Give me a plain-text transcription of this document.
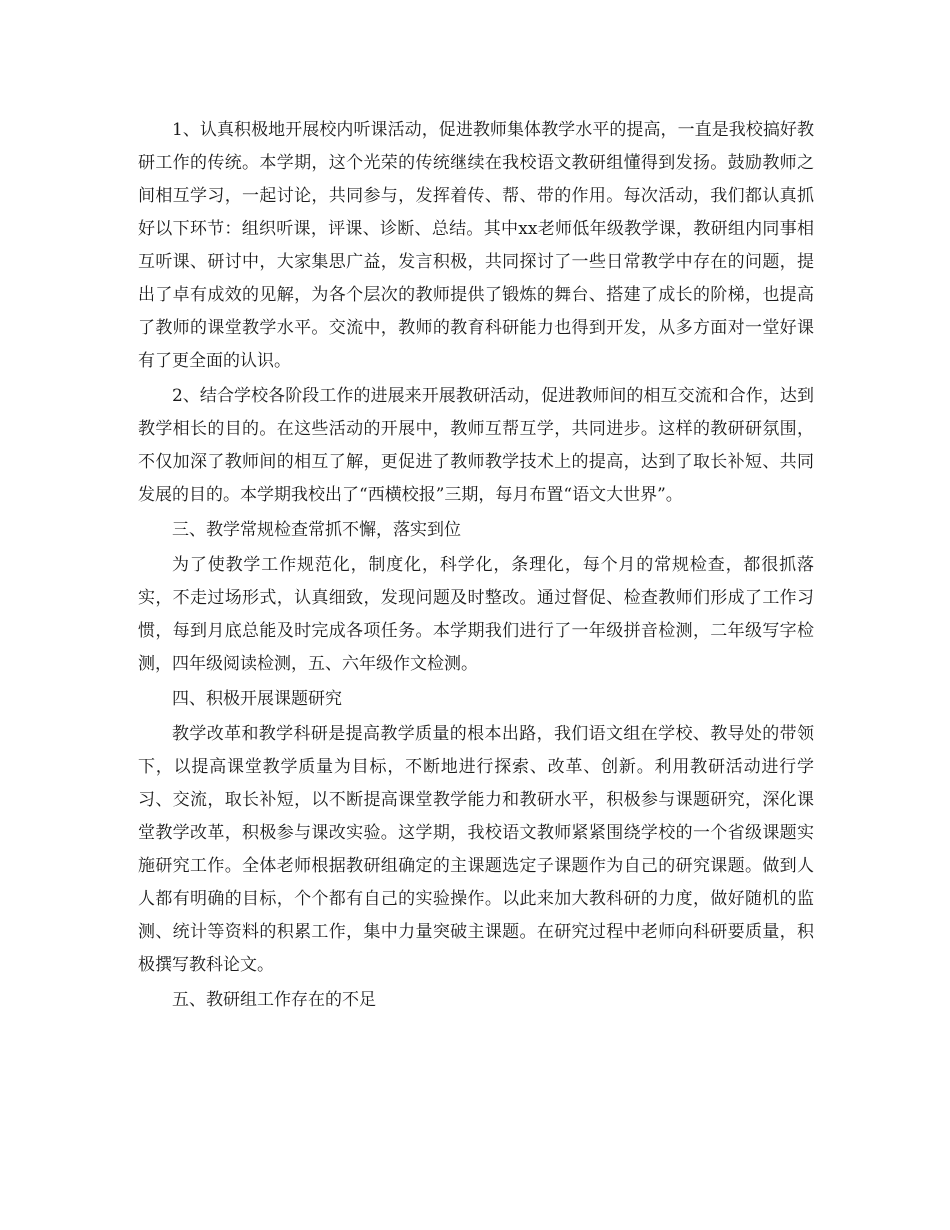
1、认真积极地开展校内听课活动，促进教师集体教学水平的提高，一直是我校搞好教研工作的传统。本学期，这个光荣的传统继续在我校语文教研组懂得到发扬。鼓励教师之间相互学习，一起讨论，共同参与，发挥着传、帮、带的作用。每次活动，我们都认真抓好以下环节：组织听课，评课、诊断、总结。其中xx老师低年级教学课，教研组内同事相互听课、研讨中，大家集思广益，发言积极，共同探讨了一些日常教学中存在的问题，提出了卓有成效的见解，为各个层次的教师提供了锻炼的舞台、搭建了成长的阶梯，也提高了教师的课堂教学水平。交流中，教师的教育科研能力也得到开发，从多方面对一堂好课有了更全面的认识。

2、结合学校各阶段工作的进展来开展教研活动，促进教师间的相互交流和合作，达到教学相长的目的。在这些活动的开展中，教师互帮互学，共同进步。这样的教研研氛围，不仅加深了教师间的相互了解，更促进了教师教学技术上的提高，达到了取长补短、共同发展的目的。本学期我校出了“西横校报”三期，每月布置“语文大世界”。

三、教学常规检查常抓不懈，落实到位

为了使教学工作规范化，制度化，科学化，条理化，每个月的常规检查，都很抓落实，不走过场形式，认真细致，发现问题及时整改。通过督促、检查教师们形成了工作习惯，每到月底总能及时完成各项任务。本学期我们进行了一年级拼音检测，二年级写字检测，四年级阅读检测，五、六年级作文检测。

四、积极开展课题研究

教学改革和教学科研是提高教学质量的根本出路，我们语文组在学校、教导处的带领下，以提高课堂教学质量为目标，不断地进行探索、改革、创新。利用教研活动进行学习、交流，取长补短，以不断提高课堂教学能力和教研水平，积极参与课题研究，深化课堂教学改革，积极参与课改实验。这学期，我校语文教师紧紧围绕学校的一个省级课题实施研究工作。全体老师根据教研组确定的主课题选定子课题作为自己的研究课题。做到人人都有明确的目标，个个都有自己的实验操作。以此来加大教科研的力度，做好随机的监测、统计等资料的积累工作，集中力量突破主课题。在研究过程中老师向科研要质量，积极撰写教科论文。

五、教研组工作存在的不足
